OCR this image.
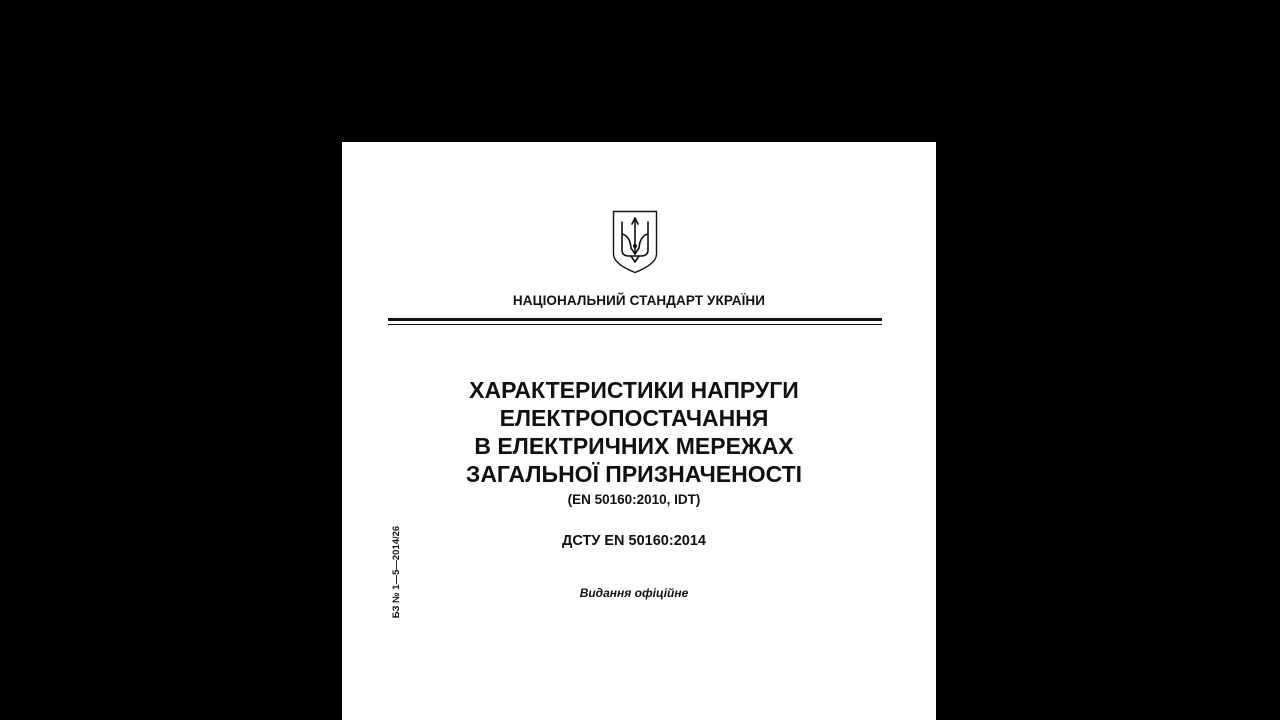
НАЦІОНАЛЬНИЙ СТАНДАРТ УКРАЇНИ
ХАРАКТЕРИСТИКИ НАПРУГИ
ЕЛЕКТРОПОСТАЧАННЯ
В ЕЛЕКТРИЧНИХ МЕРЕЖАХ
ЗАГАЛЬНОЇ ПРИЗНАЧЕНОСТІ
(EN 50160:2010, IDT)
ДСТУ EN 50160:2014
Видання офіційне
БЗ № 1—5—2014/26
